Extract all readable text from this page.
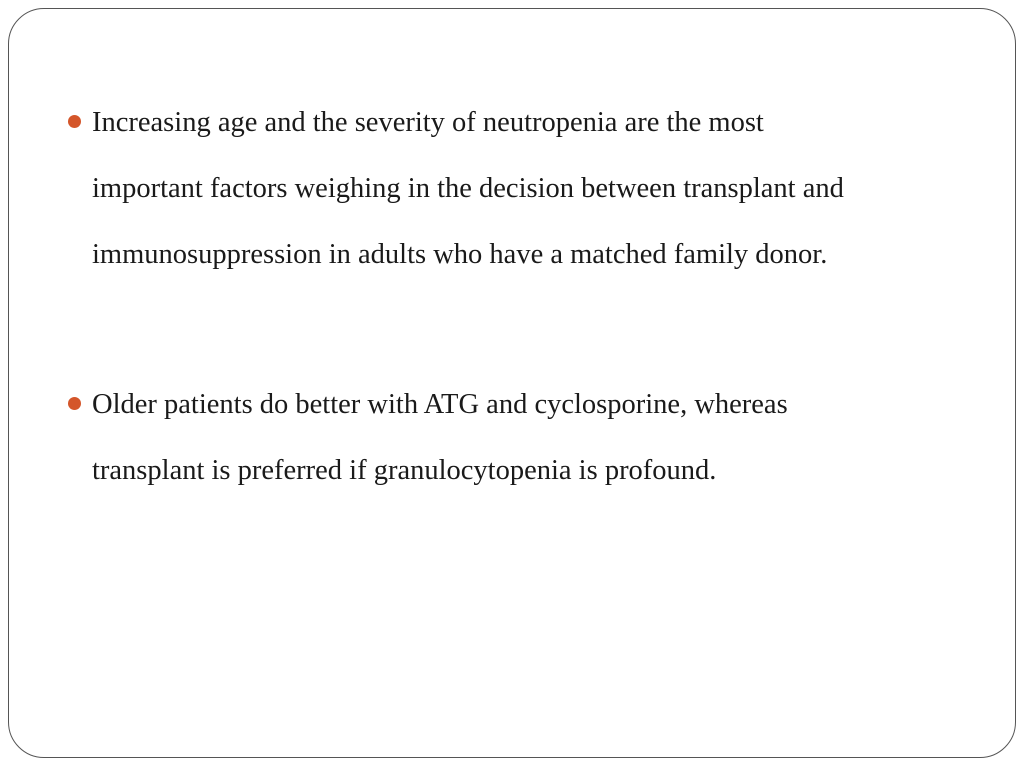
Increasing age and the severity of neutropenia are the most
important factors weighing in the decision between transplant and
immunosuppression in adults who have a matched family donor.
Older patients do better with ATG and cyclosporine, whereas
transplant is preferred if granulocytopenia is profound.
